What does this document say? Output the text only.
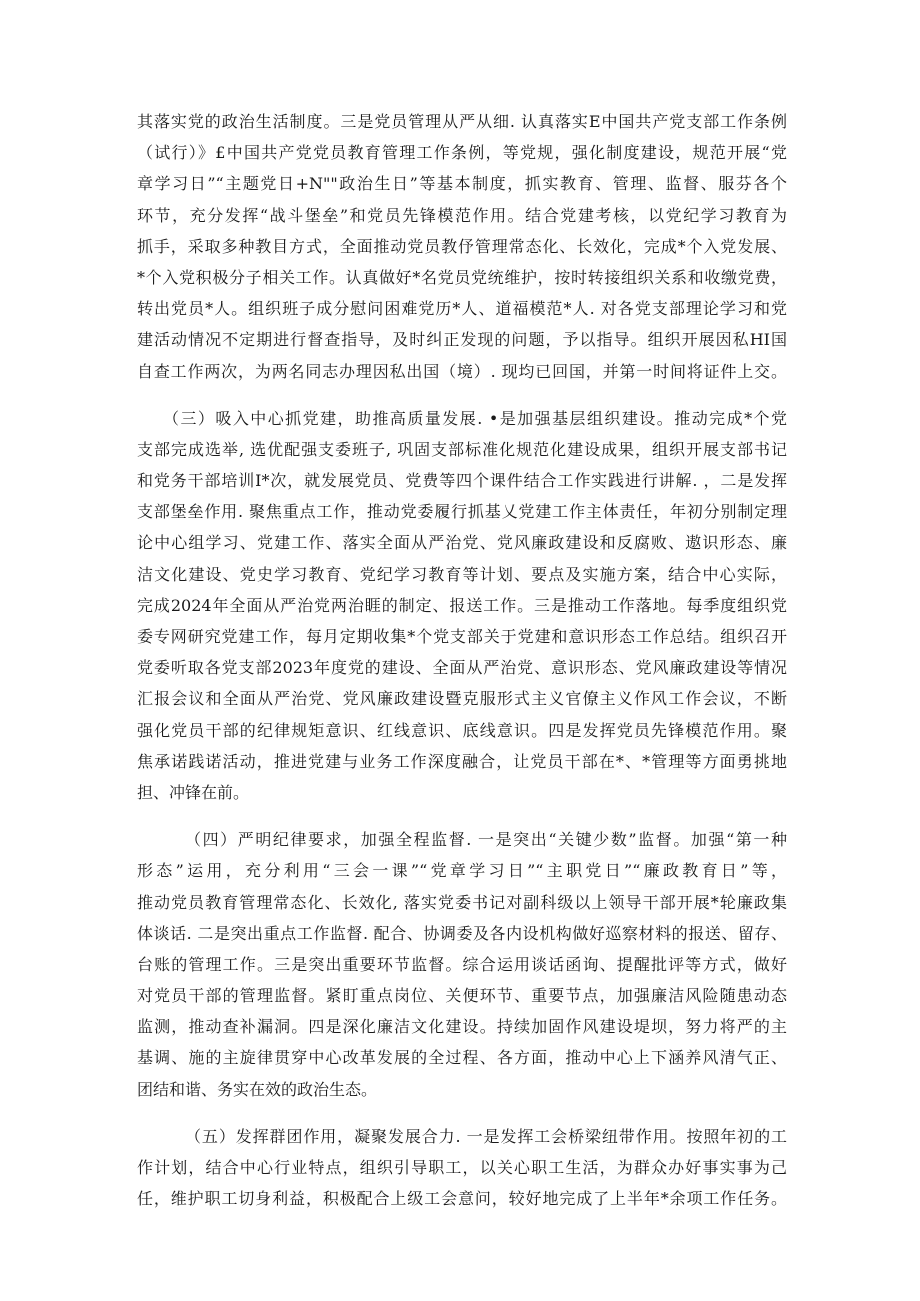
其落实党的政治生活制度。三是党员管理从严从细. 认真落实E中国共产党支部工作条例
（试行）》£中国共产党党员教育管理工作条例，等党规，强化制度建设，规范开展“党
章学习日”“主题党日+N""政治生日”等基本制度，抓实教育、管理、监督、服芬各个
环节，充分发挥“战斗堡垒”和党员先锋模范作用。结合党建考核，以党纪学习教育为
抓手，采取多种教目方式，全面推动党员教伃管理常态化、长效化，完成*个入党发展、
*个入党积极分子相关工作。认真做好*名党员党统维护，按时转接组织关系和收缴党费，
转出党员*人。组织班子成分慰问困难党历*人、道福模范*人. 对各党支部理论学习和党
建活动情况不定期进行督查指导，及时纠正发现的问题，予以指导。组织开展因私HI国
自查工作两次，为两名同志办理因私出国（境）. 现均已回国，并第一时间将证件上交。
（三）吸入中心抓党建，助推高质量发展. •是加强基层组织建设。推动完成*个党
支部完成选举, 选优配强支委班子, 巩固支部标准化规范化建设成果，组织开展支部书记
和党务干部培训I*次，就发展党员、党费等四个课件结合工作实践进行讲解. ，二是发挥
支部堡垒作用. 聚焦重点工作，推动党委履行抓基乂党建工作主体责任，年初分别制定理
论中心组学习、党建工作、落实全面从严治党、党风廉政建设和反腐败、遨识形态、廉
洁文化建设、党史学习教育、党纪学习教育等计划、要点及实施方案，结合中心实际，
完成2024年全面从严治党两治睚的制定、报送工作。三是推动工作落地。每季度组织党
委专网研究党建工作，每月定期收集*个党支部关于党建和意识形态工作总结。组织召开
党委听取各党支部2023年度党的建设、全面从严治党、意识形态、党风廉政建设等情况
汇报会议和全面从严治党、党风廉政建设暨克服形式主义官僚主义作风工作会议，不断
强化党员干部的纪律规矩意识、红线意识、底线意识。四是发挥党员先锋模范作用。聚
焦承诺践诺活动，推进党建与业务工作深度融合，让党员干部在*、*管理等方面勇挑地
担、冲锋在前。
（四）严明纪律要求，加强全程监督. 一是突出“关键少数”监督。加强“第一种
形态”运用，充分利用“三会一课”“党章学习日”“主职党日”“廉政教育日”等，
推动党员教育管理常态化、长效化, 落实党委书记对副科级以上领导干部开展*轮廉政集
体谈话. 二是突出重点工作监督. 配合、协调委及各内设机构做好巡察材料的报送、留存、
台账的管理工作。三是突出重要环节监督。综合运用谈话函询、提醒批评等方式，做好
对党员干部的管理监督。紧盯重点岗位、关便环节、重要节点，加强廉洁风险随患动态
监测，推动查补漏洞。四是深化廉洁文化建设。持续加固作风建设堤坝，努力将严的主
基调、施的主旋律贯穿中心改革发展的全过程、各方面，推动中心上下涵养风清气正、
团结和谐、务实在效的政治生态。
（五）发挥群团作用，凝聚发展合力. 一是发挥工会桥梁纽带作用。按照年初的工
作计划，结合中心行业特点，组织引导职工，以关心职工生活，为群众办好事实事为己
任，维护职工切身利益，积极配合上级工会意问，较好地完成了上半年*余项工作任务。
